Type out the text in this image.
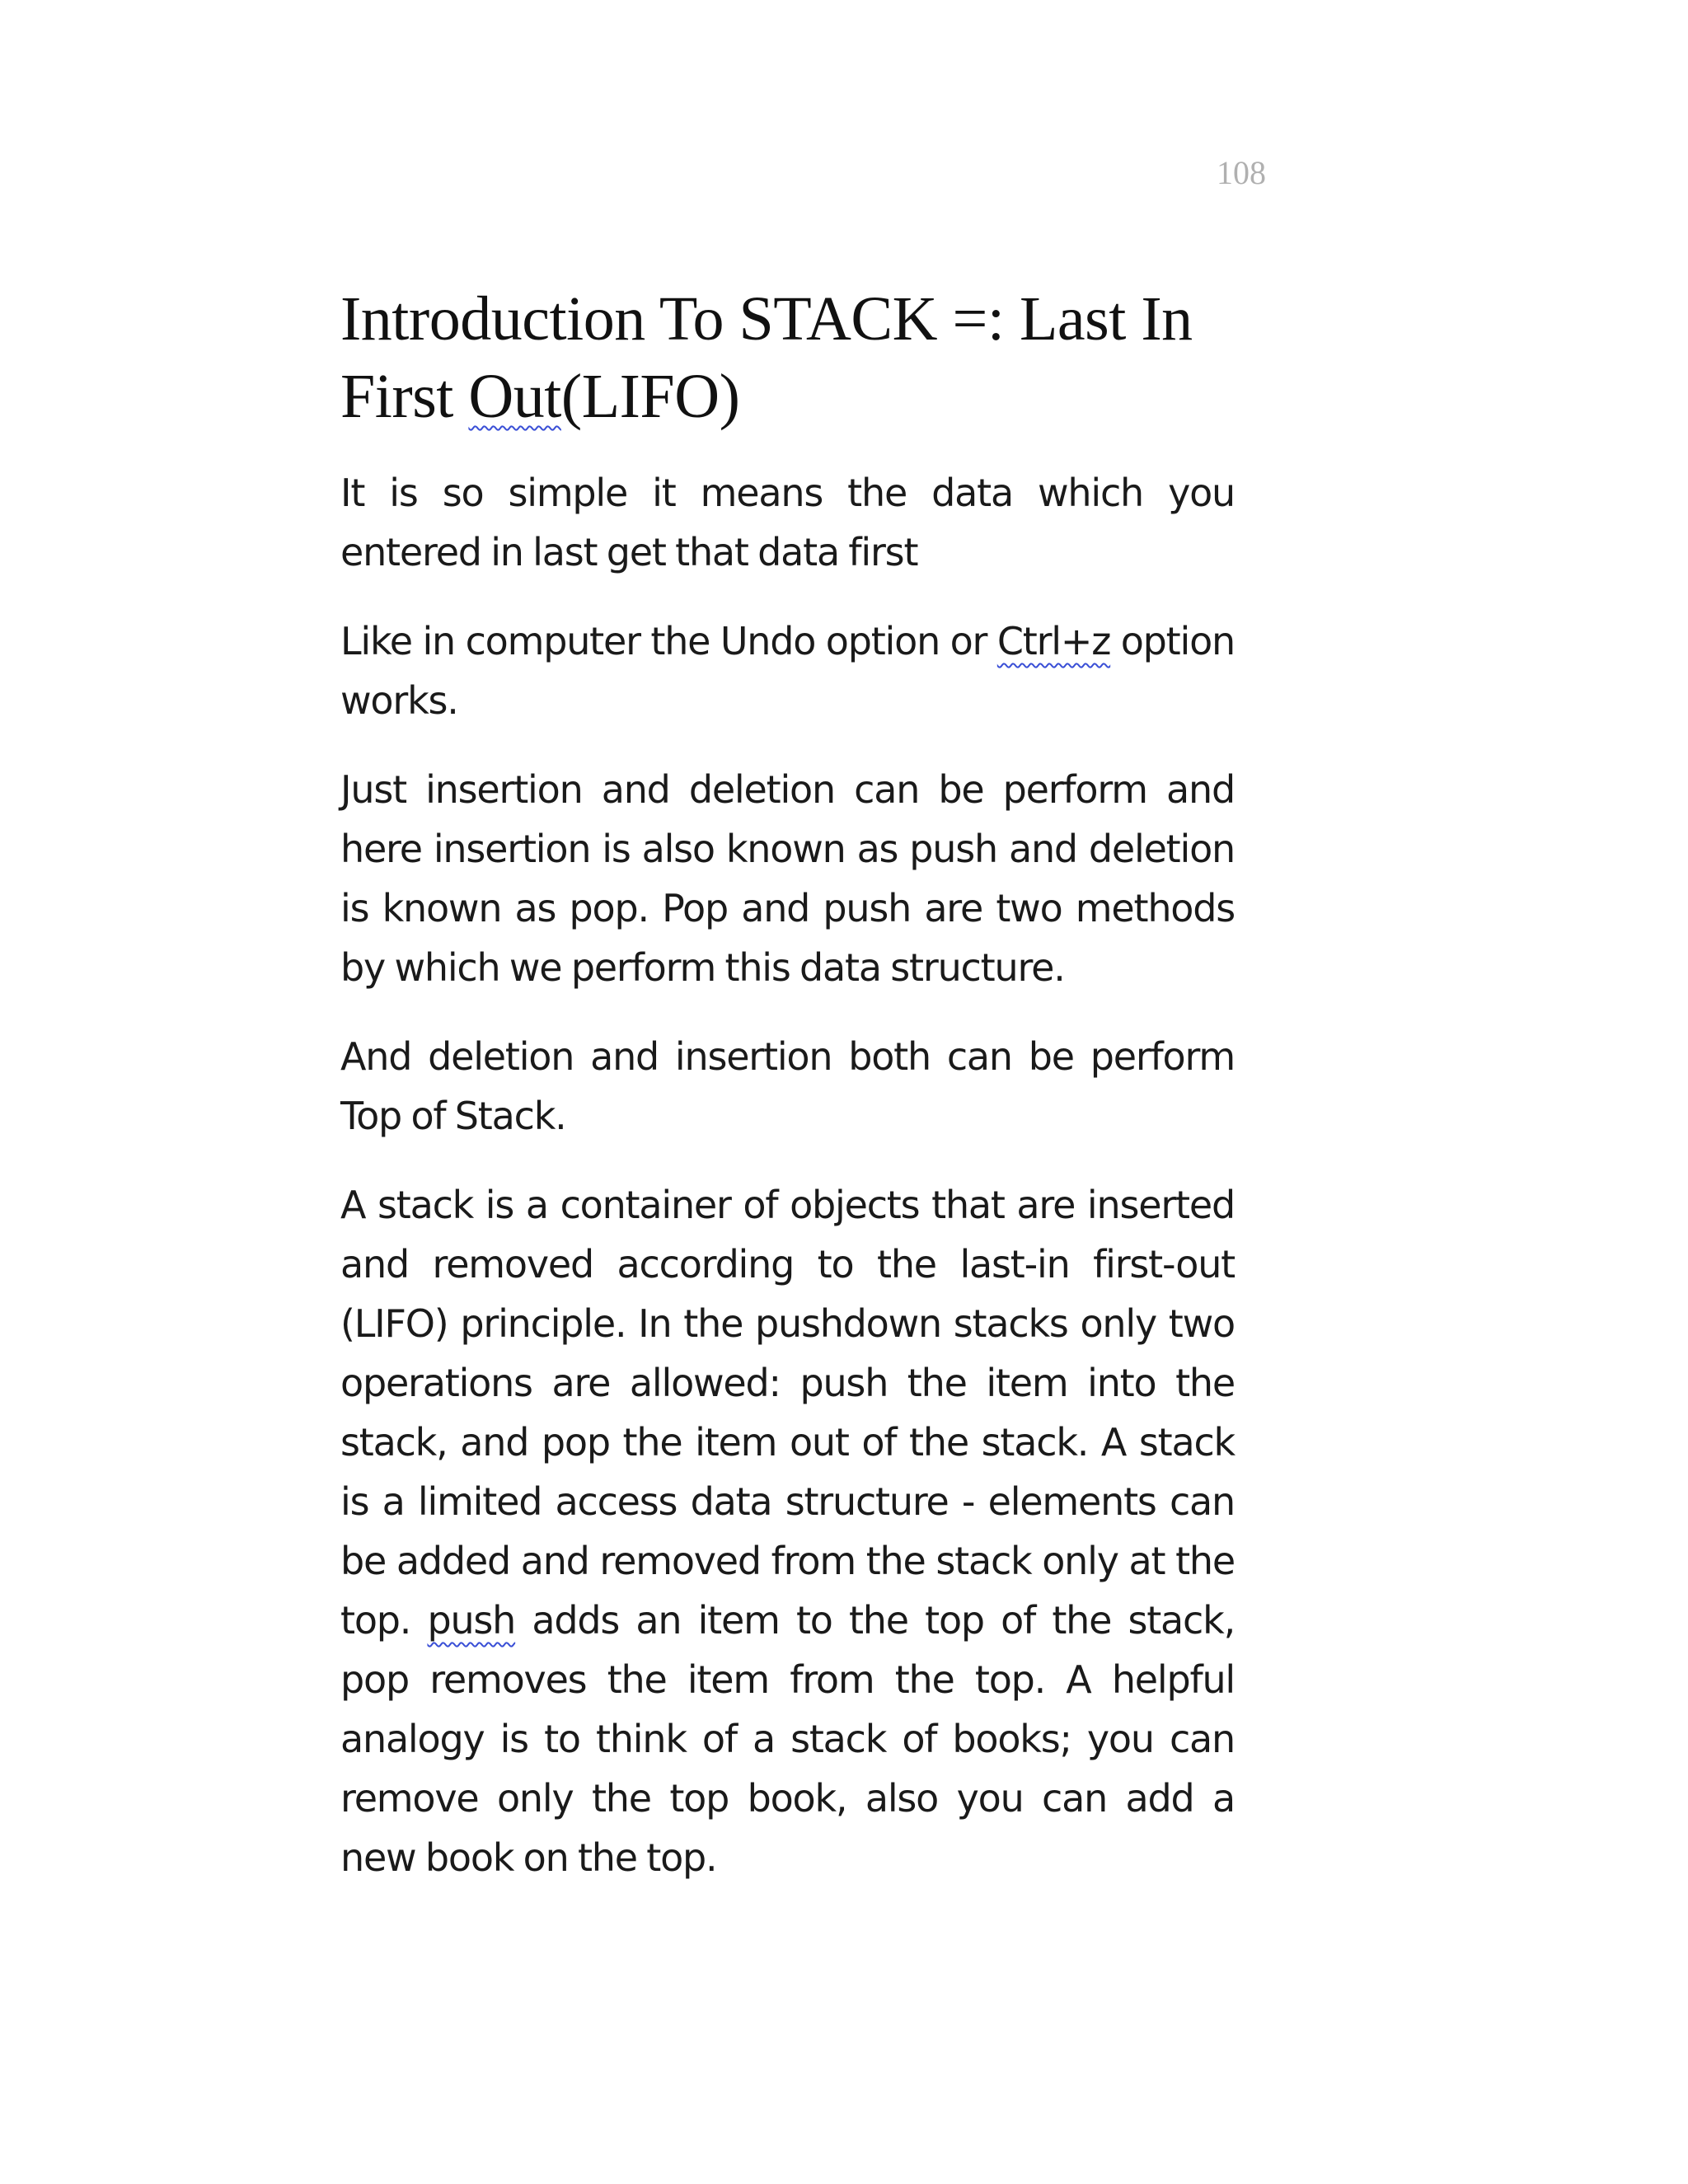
108
Introduction To STACK =: Last In First Out(LIFO)

It is so simple it means the data which you entered in last get that data first

Like in computer the Undo option or Ctrl+z option works.

Just insertion and deletion can be perform and here insertion is also known as push and deletion is known as pop. Pop and push are two methods by which we perform this data structure.

And deletion and insertion both can be perform Top of Stack.

A stack is a container of objects that are inserted and removed according to the last-in first-out (LIFO) principle. In the pushdown stacks only two operations are allowed: push the item into the stack, and pop the item out of the stack. A stack is a limited access data structure - elements can be added and removed from the stack only at the top. push adds an item to the top of the stack, pop removes the item from the top. A helpful analogy is to think of a stack of books; you can remove only the top book, also you can add a new book on the top.
